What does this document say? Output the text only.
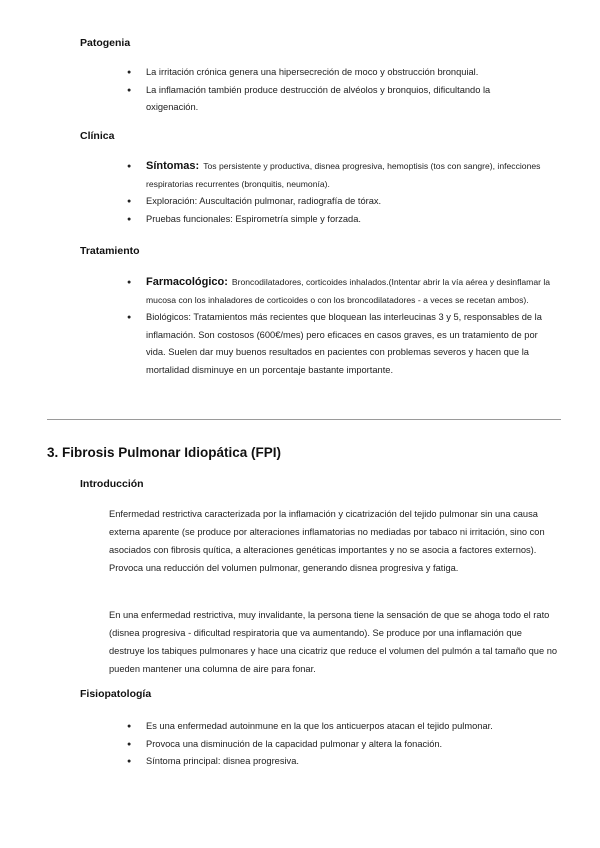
Patogenia
● La irritación crónica genera una hipersecreción de moco y obstrucción bronquial.
● La inflamación también produce destrucción de alvéolos y bronquios, dificultando la oxigenación.
Clínica
● Síntomas: Tos persistente y productiva, disnea progresiva, hemoptisis (tos con sangre), infecciones respiratorias recurrentes (bronquitis, neumonía).
● Exploración: Auscultación pulmonar, radiografía de tórax.
● Pruebas funcionales: Espirometría simple y forzada.
Tratamiento
● Farmacológico: Broncodilatadores, corticoides inhalados.(Intentar abrir la vía aérea y desinflamar la mucosa con los inhaladores de corticoides o con los broncodilatadores - a veces se recetan ambos).
● Biológicos: Tratamientos más recientes que bloquean las interleucinas 3 y 5, responsables de la inflamación. Son costosos (600€/mes) pero eficaces en casos graves, es un tratamiento de por vida. Suelen dar muy buenos resultados en pacientes con problemas severos y hacen que la mortalidad disminuye en un porcentaje bastante importante.
3. Fibrosis Pulmonar Idiopática (FPI)
Introducción

Enfermedad restrictiva caracterizada por la inflamación y cicatrización del tejido pulmonar sin una causa externa aparente (se produce por alteraciones inflamatorias no mediadas por tabaco ni irritación, sino con asociados con fibrosis quítica, a alteraciones genéticas importantes y no se asocia a factores externos). Provoca una reducción del volumen pulmonar, generando disnea progresiva y fatiga.

En una enfermedad restrictiva, muy invalidante, la persona tiene la sensación de que se ahoga todo el rato (disnea progresiva - dificultad respiratoria que va aumentando). Se produce por una inflamación que destruye los tabiques pulmonares y hace una cicatriz que reduce el volumen del pulmón a tal tamaño que no pueden mantener una columna de aire para fonar.

Fisiopatología
● Es una enfermedad autoinmune en la que los anticuerpos atacan el tejido pulmonar.
● Provoca una disminución de la capacidad pulmonar y altera la fonación.
● Síntoma principal: disnea progresiva.
